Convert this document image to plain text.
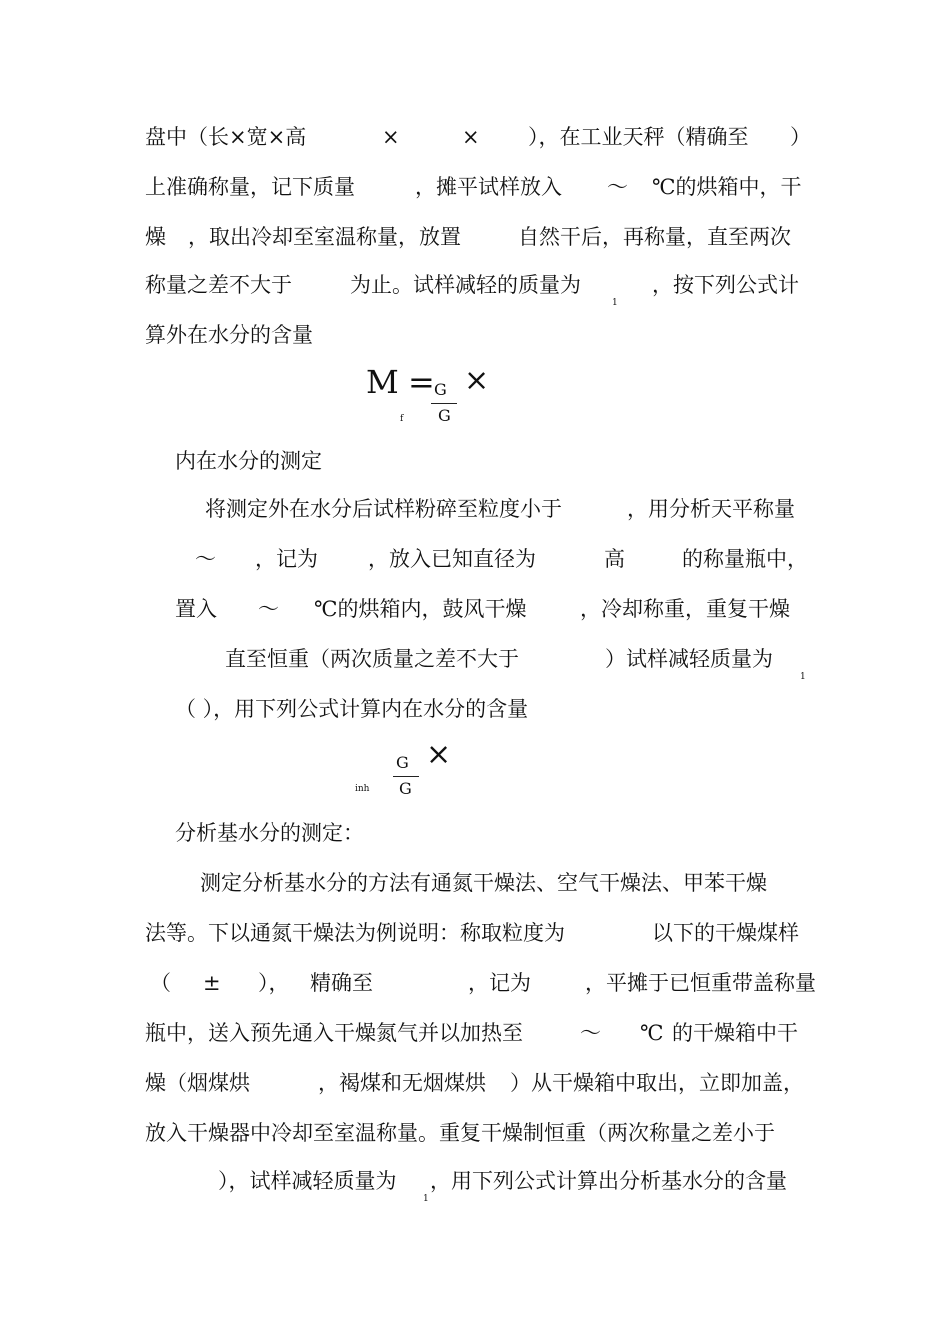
盘中（长×宽×高	×	× ），在工业天秤（精确至 ）
上准确称量，记下质量	，摊平试样放入 ～ ℃的烘箱中，干
燥 ，取出冷却至室温称量，放置	自然干后，再称量，直至两次
称量之差不大于	为止。试样减轻的质量为
1
，按下列公式计
算外在水分的含量
M = G
G
×
f
内在水分的测定
将测定外在水分后试样粉碎至粒度小于	，用分析天平称量
～ ，记为 ，放入已知直径为	高	的称量瓶中，
置入 ～ ℃的烘箱内，鼓风干燥	，冷却称重，重复干燥
直至恒重（两次质量之差不大于	）试样减轻质量为
1
（ ），用下列公式计算内在水分的含量
inh
G
G
×
分析基水分的测定：
测定分析基水分的方法有通氮干燥法、空气干燥法、甲苯干燥
法等。下以通氮干燥法为例说明：称取粒度为	以下的干燥煤样
（ ± ）， 精确至	，记为	，平摊于已恒重带盖称量
瓶中，送入预先通入干燥氮气并以加热至	～ ℃ 的干燥箱中干
燥（烟煤烘	，褐煤和无烟煤烘 ）从干燥箱中取出，立即加盖，
放入干燥器中冷却至室温称量。重复干燥制恒重（两次称量之差小于
），试样减轻质量为
1
，用下列公式计算出分析基水分的含量
